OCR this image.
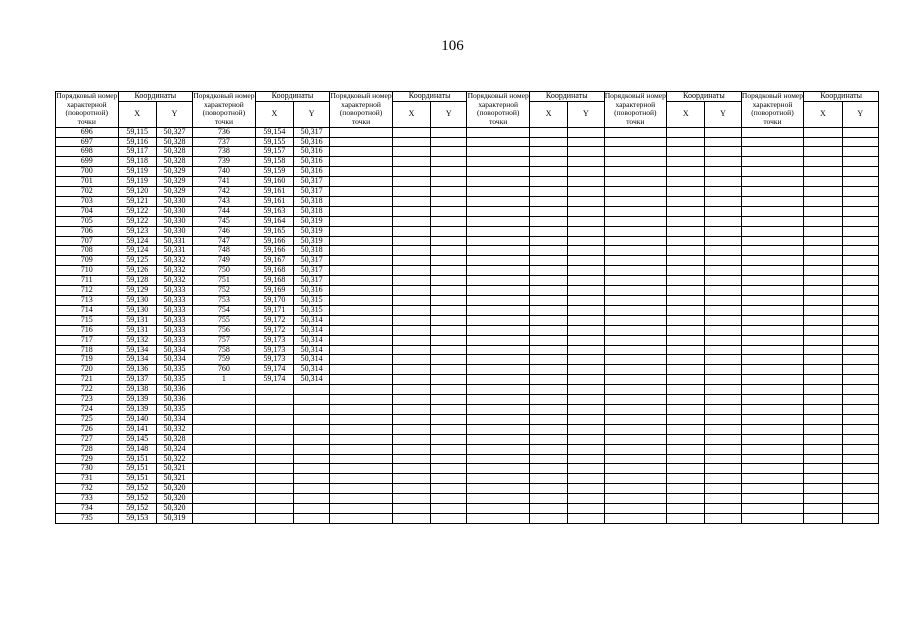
106
Порядковый номер характерной (поворотной) точки	Координаты		Порядковый номер характерной (поворотной) точки	Координаты		Порядковый номер характерной (поворотной) точки	Координаты		Порядковый номер характерной (поворотной) точки	Координаты		Порядковый номер характерной (поворотной) точки	Координаты		Порядковый номер характерной (поворотной) точки	Координаты	
	X	Y		X	Y		X	Y		X	Y		X	Y		X	Y
696	59,115	50,327	736	59,154	50,317												
697	59,116	50,328	737	59,155	50,316												
698	59,117	50,328	738	59,157	50,316												
699	59,118	50,328	739	59,158	50,316												
700	59,119	50,329	740	59,159	50,316												
701	59,119	50,329	741	59,160	50,317												
702	59,120	50,329	742	59,161	50,317												
703	59,121	50,330	743	59,161	50,318												
704	59,122	50,330	744	59,163	50,318												
705	59,122	50,330	745	59,164	50,319												
706	59,123	50,330	746	59,165	50,319												
707	59,124	50,331	747	59,166	50,319												
708	59,124	50,331	748	59,166	50,318												
709	59,125	50,332	749	59,167	50,317												
710	59,126	50,332	750	59,168	50,317												
711	59,128	50,332	751	59,168	50,317												
712	59,129	50,333	752	59,169	50,316												
713	59,130	50,333	753	59,170	50,315												
714	59,130	50,333	754	59,171	50,315												
715	59,131	50,333	755	59,172	50,314												
716	59,131	50,333	756	59,172	50,314												
717	59,132	50,333	757	59,173	50,314												
718	59,134	50,334	758	59,173	50,314												
719	59,134	50,334	759	59,173	50,314												
720	59,136	50,335	760	59,174	50,314												
721	59,137	50,335	1	59,174	50,314												
722	59,138	50,336															
723	59,139	50,336															
724	59,139	50,335															
725	59,140	50,334															
726	59,141	50,332															
727	59,145	50,328															
728	59,148	50,324															
729	59,151	50,322															
730	59,151	50,321															
731	59,151	50,321															
732	59,152	50,320															
733	59,152	50,320															
734	59,152	50,320															
735	59,153	50,319															
